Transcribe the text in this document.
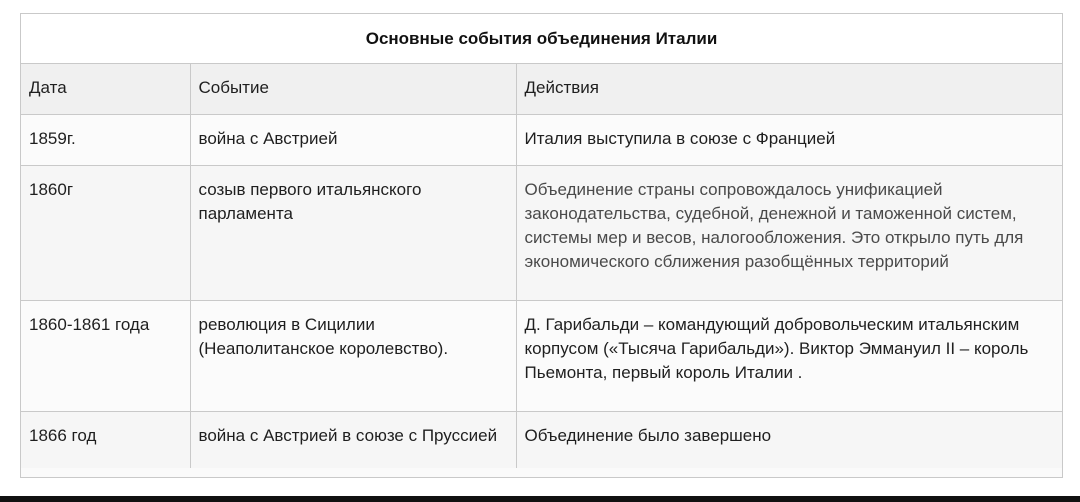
Основные события объединения Италии
Дата	Событие	Действия
1859г.	война с Австрией	Италия выступила в союзе с Францией
1860г	созыв первого итальянского парламента	Объединение страны сопровождалось унификацией законодательства, судебной, денежной и таможенной систем, системы мер и весов, налогообложения. Это открыло путь для экономического сближения разобщённых территорий
1860-1861 года	революция в Сицилии (Неаполитанское королевство).	Д. Гарибальди – командующий добровольческим итальянским корпусом («Тысяча Гарибальди»). Виктор Эммануил II – король Пьемонта, первый король Италии .
1866 год	война с Австрией в союзе с Пруссией	Объединение было завершено
